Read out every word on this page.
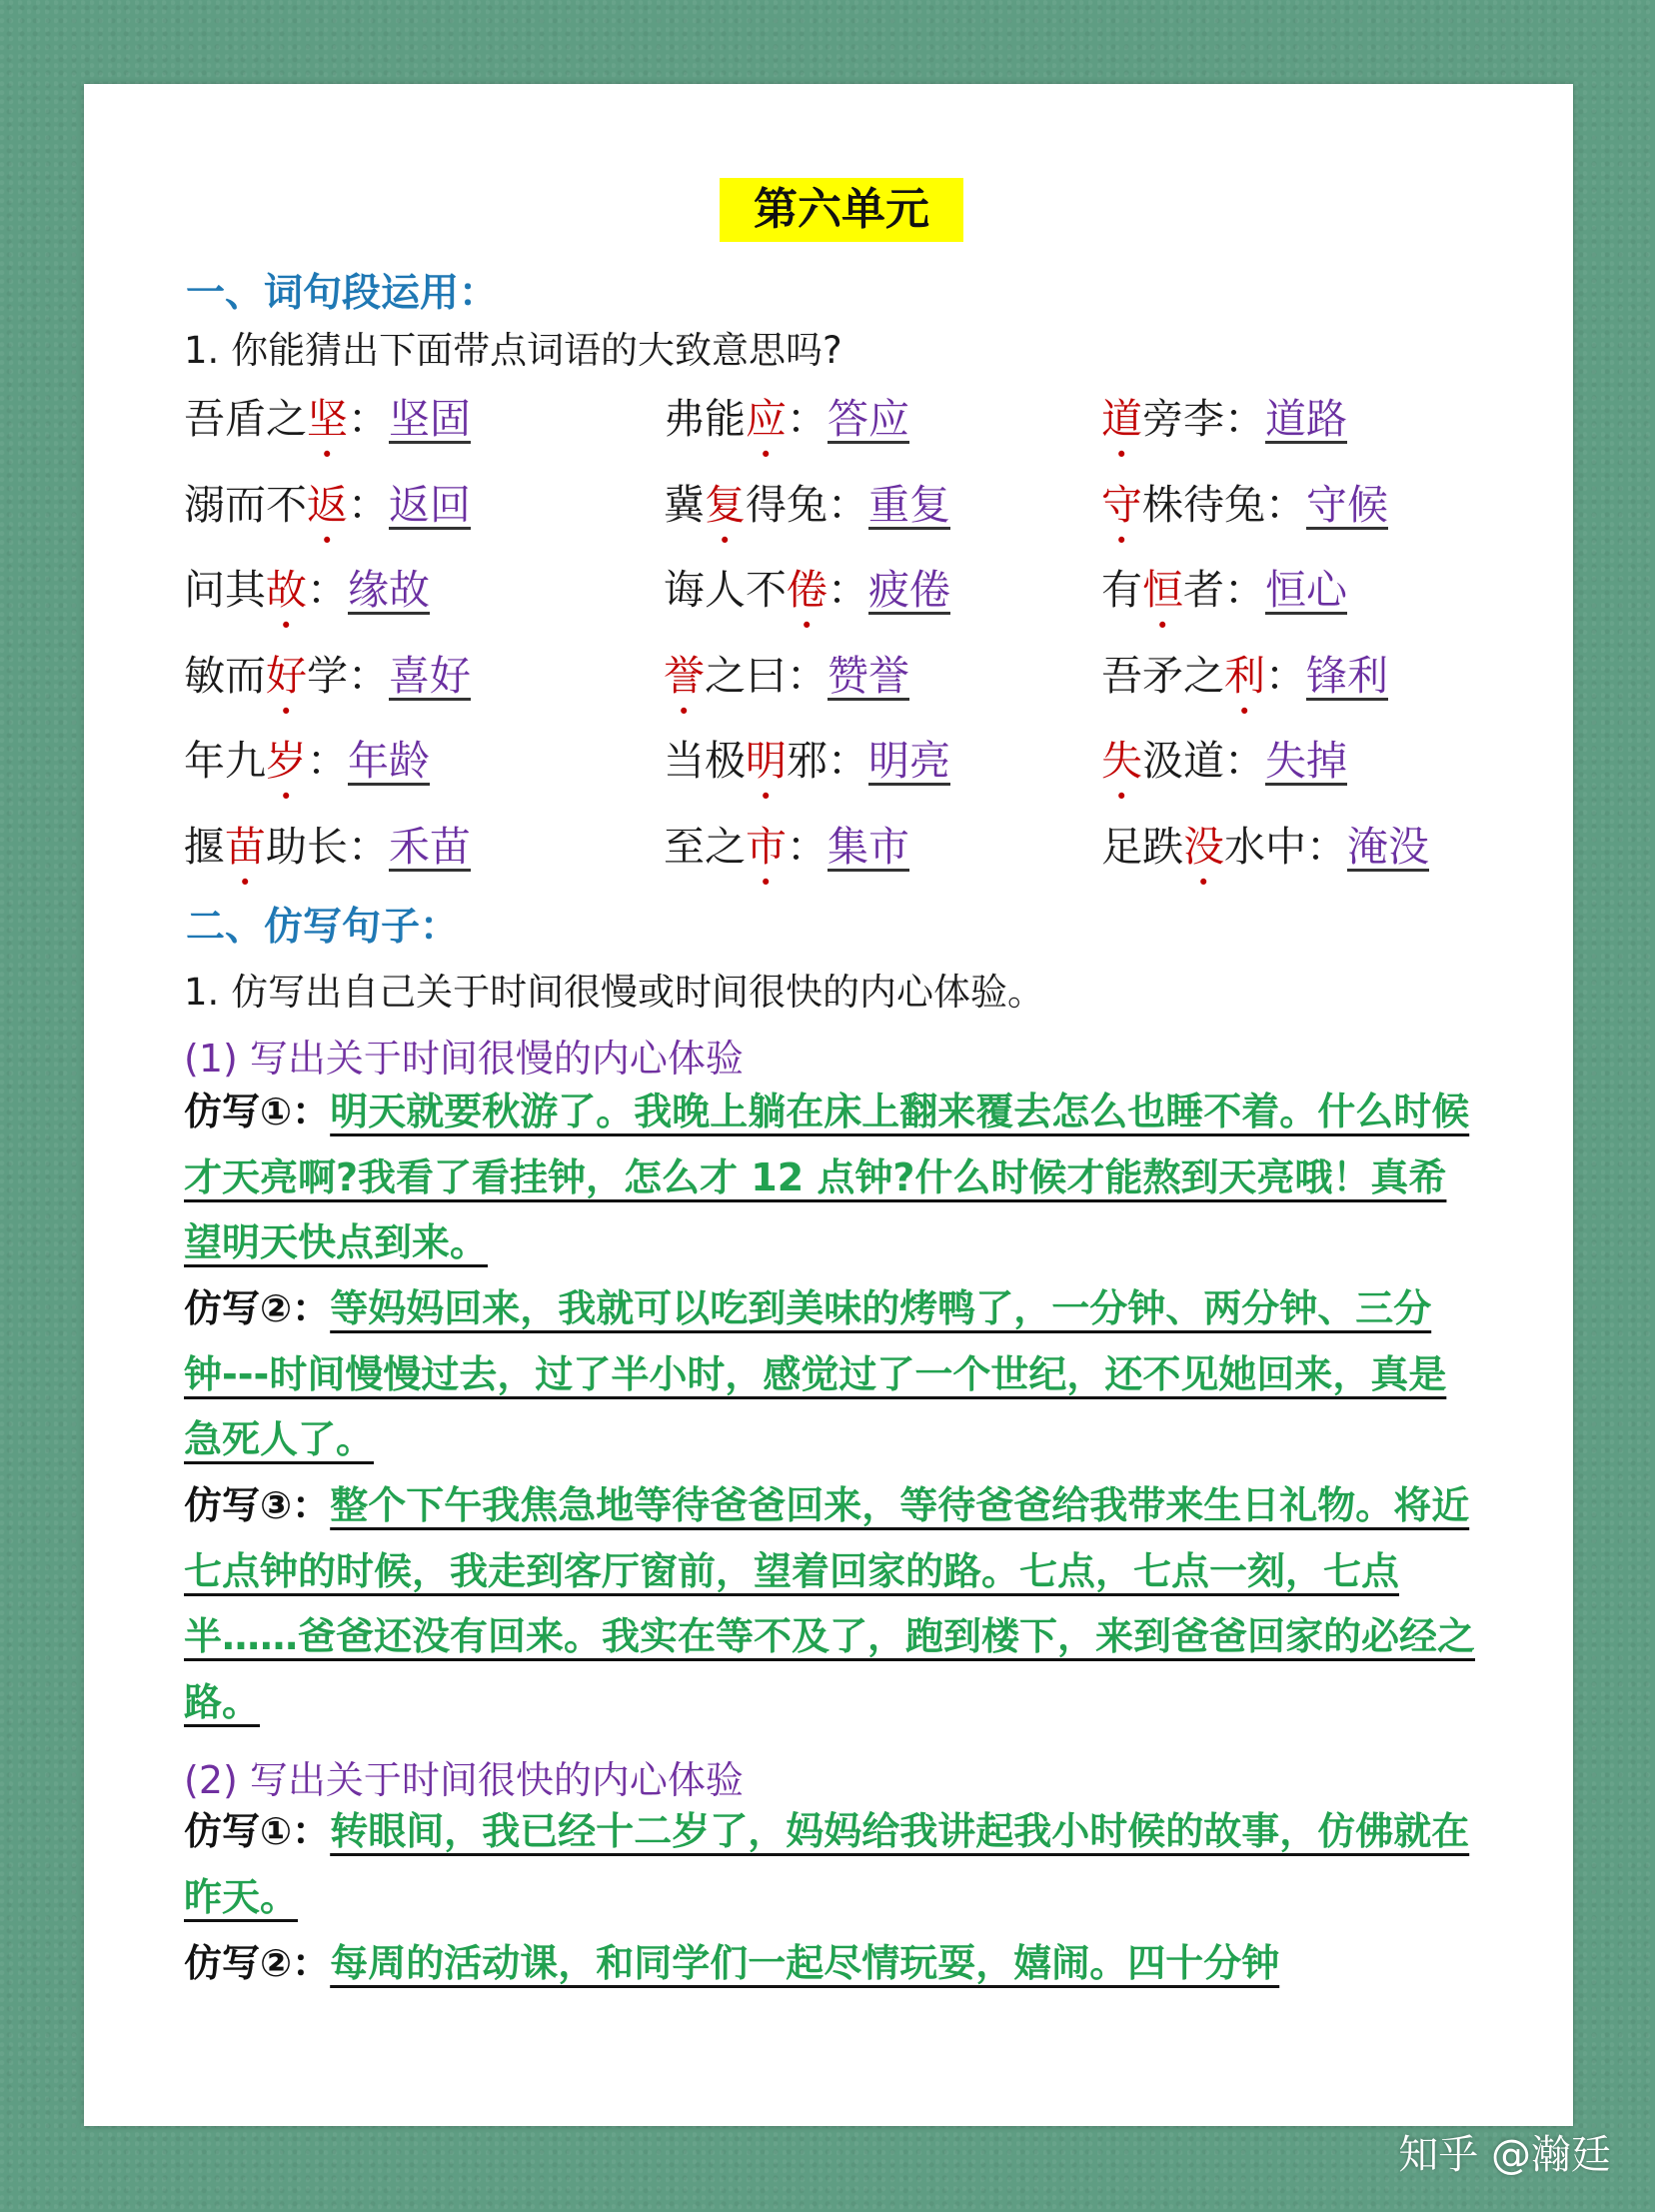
第六单元
一、词句段运用：
1. 你能猜出下面带点词语的大致意思吗?
吾盾之坚：坚固	弗能应：答应	道旁李：道路
溺而不返：返回	冀复得兔：重复	守株待兔：守候
问其故：缘故	诲人不倦：疲倦	有恒者：恒心
敏而好学：喜好	誉之曰：赞誉	吾矛之利：锋利
年九岁：年龄	当极明邪：明亮	失汲道：失掉
揠苗助长：禾苗	至之市：集市	足跌没水中：淹没
二、仿写句子：
1. 仿写出自己关于时间很慢或时间很快的内心体验。
(1) 写出关于时间很慢的内心体验
仿写①：明天就要秋游了。我晚上躺在床上翻来覆去怎么也睡不着。什么时候才天亮啊?我看了看挂钟，怎么才 12 点钟?什么时候才能熬到天亮哦！真希望明天快点到来。
仿写②：等妈妈回来，我就可以吃到美味的烤鸭了，一分钟、两分钟、三分钟---时间慢慢过去，过了半小时，感觉过了一个世纪，还不见她回来，真是急死人了。
仿写③：整个下午我焦急地等待爸爸回来，等待爸爸给我带来生日礼物。将近七点钟的时候，我走到客厅窗前，望着回家的路。七点，七点一刻，七点半……爸爸还没有回来。我实在等不及了，跑到楼下，来到爸爸回家的必经之路。
(2) 写出关于时间很快的内心体验
仿写①：转眼间，我已经十二岁了，妈妈给我讲起我小时候的故事，仿佛就在昨天。
仿写②：每周的活动课，和同学们一起尽情玩耍，嬉闹。四十分钟
知乎 @瀚廷
